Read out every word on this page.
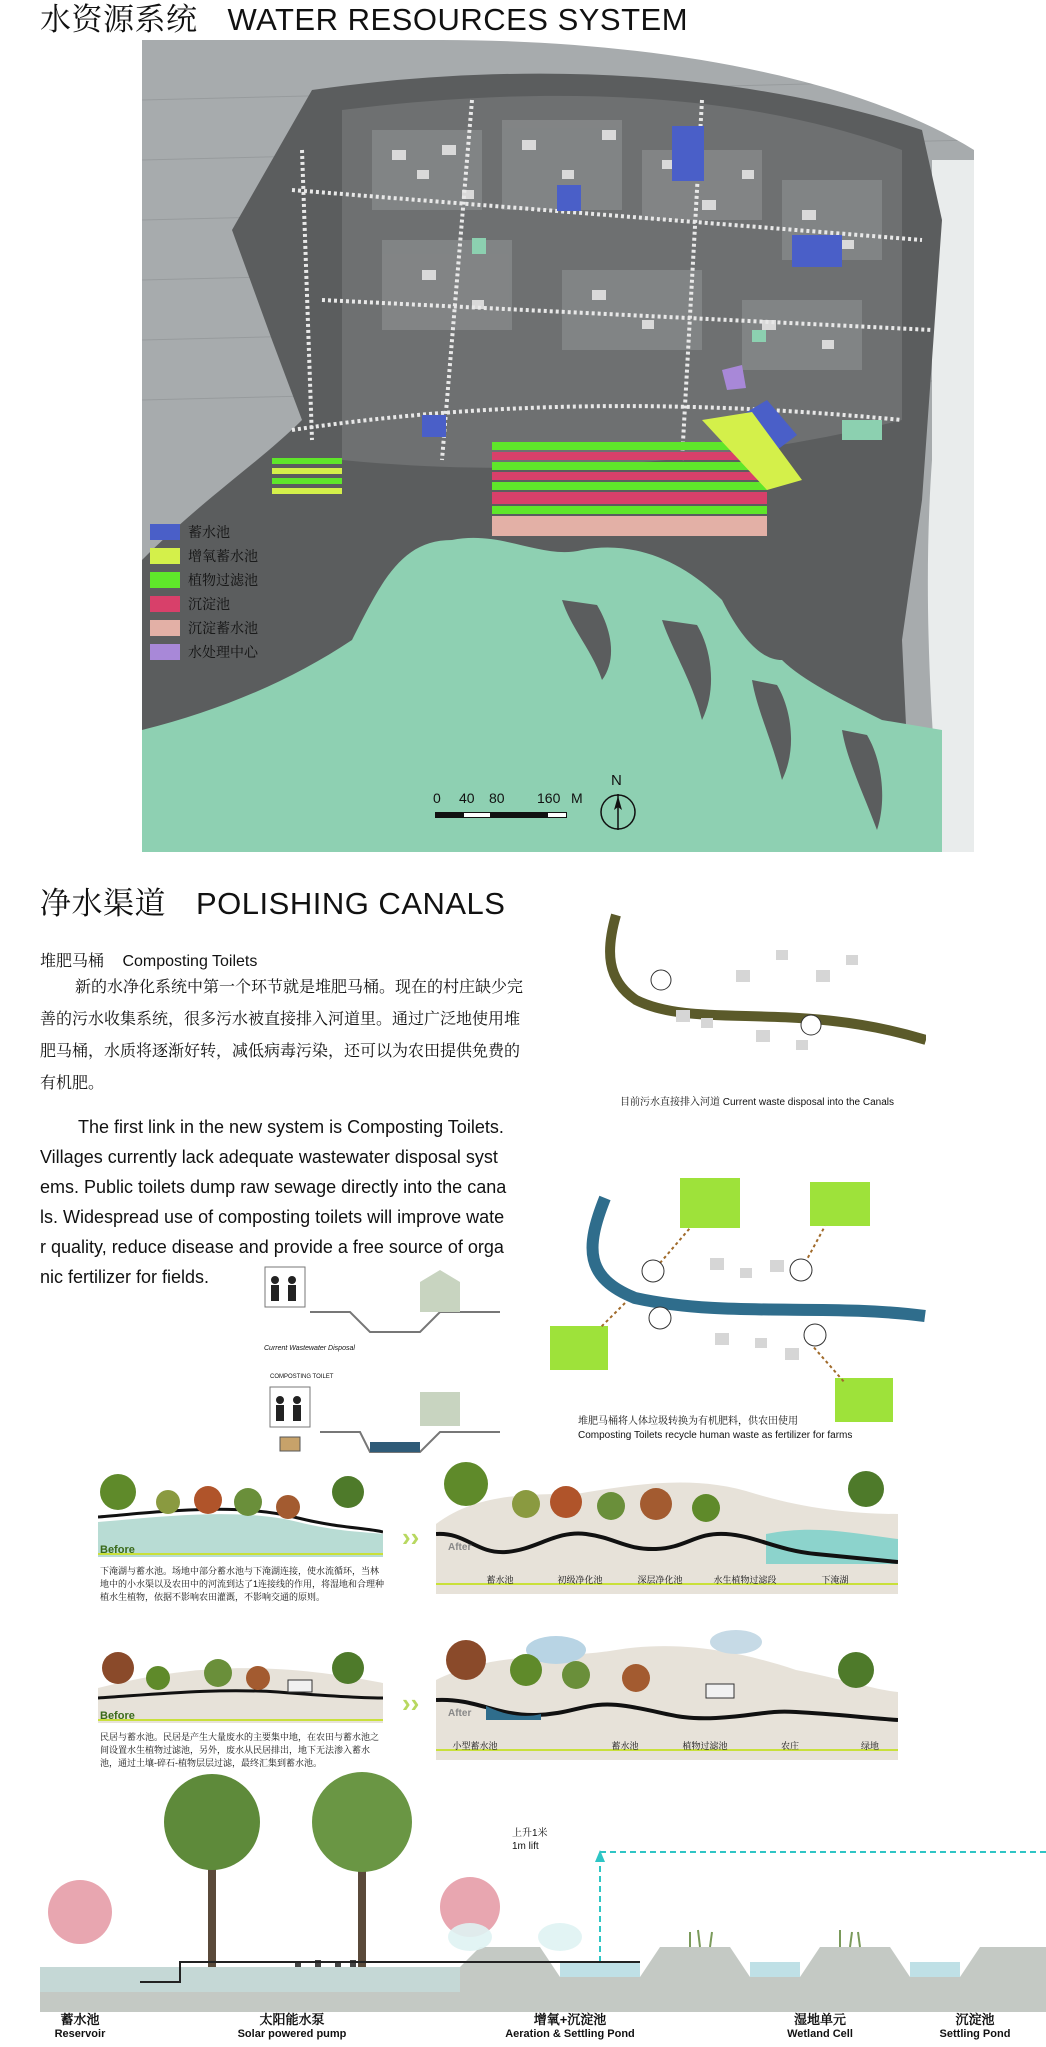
水资源系统 WATER RESOURCES SYSTEM
蓄水池
增氧蓄水池
植物过滤池
沉淀池
沉淀蓄水池
水处理中心
0 40 80 160 M
N
净水渠道 POLISHING CANALS
堆肥马桶 Composting Toilets
新的水净化系统中第一个环节就是堆肥马桶。现在的村庄缺少完
善的污水收集系统，很多污水被直接排入河道里。通过广泛地使用堆
肥马桶，水质将逐渐好转，减低病毒污染，还可以为农田提供免费的
有机肥。
The first link in the new system is Composting Toilets.
Villages currently lack adequate wastewater disposal syst
ems. Public toilets dump raw sewage directly into the cana
ls. Widespread use of composting toilets will improve wate
r quality, reduce disease and provide a free source of orga
nic fertilizer for fields.
目前污水直接排入河道 Current waste disposal into the Canals
Current Wastewater Disposal
COMPOSTING TOILET
堆肥马桶将人体垃圾转换为有机肥料，供农田使用
Composting Toilets recycle human waste as fertilizer for farms
Before
下淹湖与蓄水池。场地中部分蓄水池与下淹湖连接，使水流循环，当林地中的小水渠以及农田中的河流到达了1连接线的作用，将湿地和合理种植水生植物，依据不影响农田灌溉，不影响交通的原则。
››	After
蓄水池	初级净化池	深层净化池	水生植物过滤段	下淹湖
Before
民居与蓄水池。民居是产生大量废水的主要集中地，在农田与蓄水池之间设置水生植物过滤池，另外，废水从民居排出，地下无法渗入蓄水池，通过土壤-碎石-植物层层过滤，最终汇集到蓄水池。
››	After
小型蓄水池	蓄水池	植物过滤池	农庄	绿地
上升1米
1m lift
蓄水池
Reservoir
太阳能水泵
Solar powered pump
增氧+沉淀池
Aeration & Settling Pond
湿地单元
Wetland Cell
沉淀池
Settling Pond
